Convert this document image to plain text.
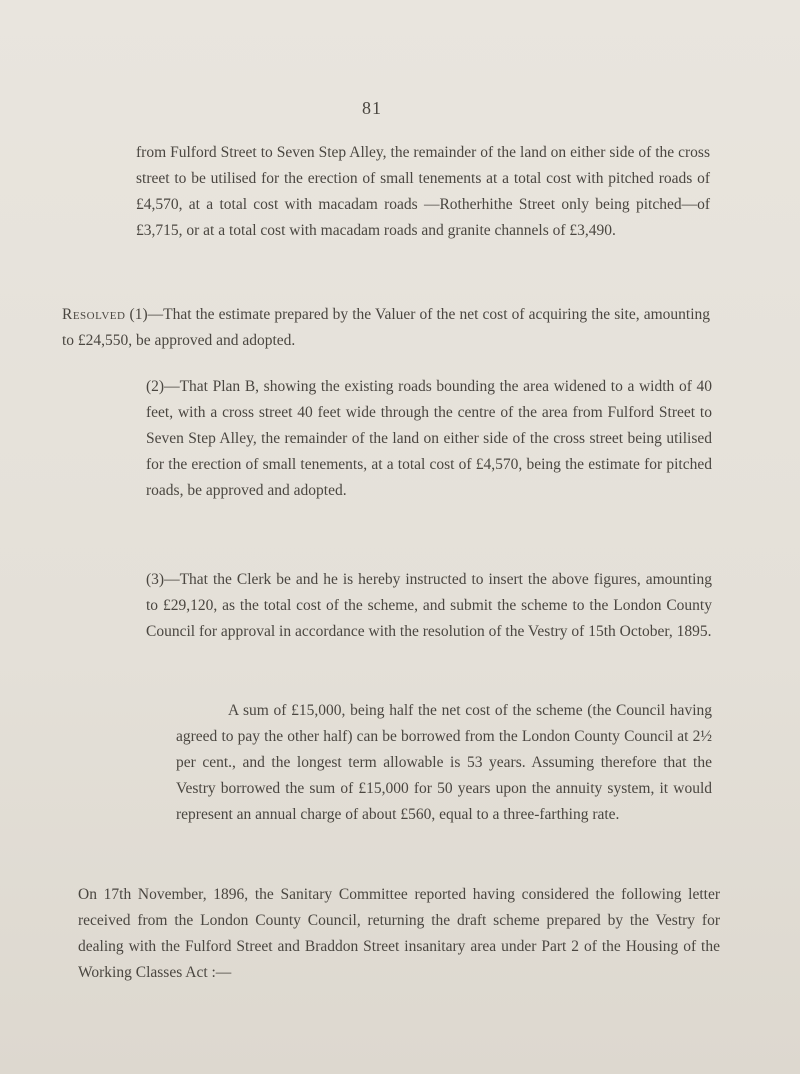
81
from Fulford Street to Seven Step Alley, the remainder of the land on either side of the cross street to be utilised for the erection of small tenements at a total cost with pitched roads of £4,570, at a total cost with macadam roads —Rotherhithe Street only being pitched—of £3,715, or at a total cost with macadam roads and granite channels of £3,490.
Resolved (1)—That the estimate prepared by the Valuer of the net cost of acquiring the site, amounting to £24,550, be approved and adopted.
(2)—That Plan B, showing the existing roads bounding the area widened to a width of 40 feet, with a cross street 40 feet wide through the centre of the area from Fulford Street to Seven Step Alley, the remainder of the land on either side of the cross street being utilised for the erection of small tenements, at a total cost of £4,570, being the estimate for pitched roads, be approved and adopted.
(3)—That the Clerk be and he is hereby instructed to insert the above figures, amounting to £29,120, as the total cost of the scheme, and submit the scheme to the London County Council for approval in accordance with the resolution of the Vestry of 15th October, 1895.
A sum of £15,000, being half the net cost of the scheme (the Council having agreed to pay the other half) can be borrowed from the London County Council at 2½ per cent., and the longest term allowable is 53 years. Assuming therefore that the Vestry borrowed the sum of £15,000 for 50 years upon the annuity system, it would represent an annual charge of about £560, equal to a three-farthing rate.
On 17th November, 1896, the Sanitary Committee reported having considered the following letter received from the London County Council, returning the draft scheme prepared by the Vestry for dealing with the Fulford Street and Braddon Street insanitary area under Part 2 of the Housing of the Working Classes Act :—
